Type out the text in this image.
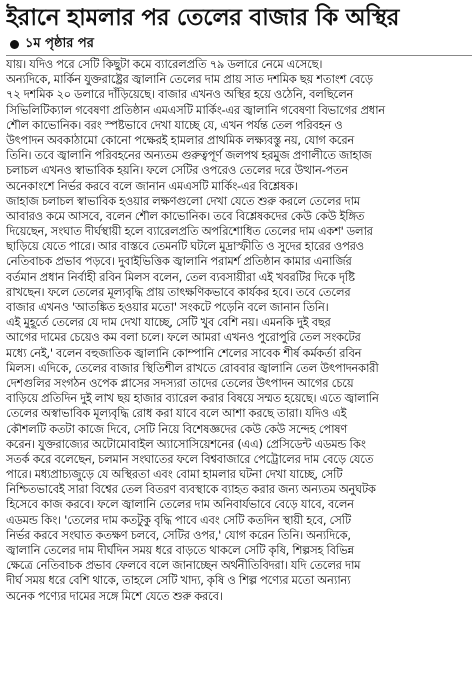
ইরানে হামলার পর তেলের বাজার কি অস্থির
১ম পৃষ্ঠার পর
যায়। যদিও পরে সেটি কিছুটা কমে ব্যারেলপ্রতি ৭৯ ডলারে নেমে এসেছে।
অন্যদিকে, মার্কিন যুক্তরাষ্ট্রের জ্বালানি তেলের দাম প্রায় সাত দশমিক ছয় শতাংশ বেড়ে
৭২ দশমিক ২০ ডলারে দাঁড়িয়েছে। বাজার এখনও অস্থির হয়ে ওঠেনি, বলছিলেন
সিভিলিটিক্যাল গবেষণা প্রতিষ্ঠান এমএসটি মার্কিং-এর জ্বালানি গবেষণা বিভাগের প্রধান
শৌল কাভোনিক। বরং স্পষ্টভাবে দেখা যাচ্ছে যে, এখন পর্যন্ত তেল পরিবহন ও
উৎপাদন অবকাঠামো কোনো পক্ষেরই হামলার প্রাথমিক লক্ষ্যবস্তু নয়, যোগ করেন
তিনি। তবে জ্বালানি পরিবহনের অন্যতম গুরুত্বপূর্ণ জলপথ হরমুজ প্রণালীতে জাহাজ
চলাচল এখনও স্বাভাবিক হয়নি। ফলে সেটির ওপরেও তেলের দরে উত্থান-পতন
অনেকাংশে নির্ভর করবে বলে জানান এমএসটি মার্কিং-এর বিশ্লেষক।
জাহাজ চলাচল স্বাভাবিক হওয়ার লক্ষণগুলো দেখা যেতে শুরু করলে তেলের দাম
আবারও কমে আসবে, বলেন শৌল কাভোনিক। তবে বিশ্লেষকদের কেউ কেউ ইঙ্গিত
দিয়েছেন, সংঘাত দীর্ঘস্থায়ী হলে ব্যারেলপ্রতি অপরিশোধিত তেলের দাম একশ' ডলার
ছাড়িয়ে যেতে পারে। আর বাস্তবে তেমনটি ঘটলে মুদ্রাস্ফীতি ও সুদের হারের ওপরও
নেতিবাচক প্রভাব পড়বে। দুবাইভিত্তিক জ্বালানি পরামর্শ প্রতিষ্ঠান কামার এনার্জির
বর্তমান প্রধান নির্বাহী রবিন মিলস বলেন, তেল ব্যবসায়ীরা এই খবরটির দিকে দৃষ্টি
রাখছেন। ফলে তেলের মূল্যবৃদ্ধি প্রায় তাৎক্ষণিকভাবে কার্যকর হবে। তবে তেলের
বাজার এখনও 'আতঙ্কিত হওয়ার মতো' সংকটে পড়েনি বলে জানান তিনি।
এই মুহূর্তে তেলের যে দাম দেখা যাচ্ছে, সেটি খুব বেশি নয়। এমনকি দুই বছর
আগের দামের চেয়েও কম বলা চলে। ফলে আমরা এখনও পুরোপুরি তেল সংকটের
মধ্যে নেই,' বলেন বহুজাতিক জ্বালানি কোম্পানি শেলের সাবেক শীর্ষ কর্মকর্তা রবিন
মিলস। এদিকে, তেলের বাজার স্থিতিশীল রাখতে রোববার জ্বালানি তেল উৎপাদনকারী
দেশগুলির সংগঠন ওপেক প্লাসের সদস্যরা তাদের তেলের উৎপাদন আগের চেয়ে
বাড়িয়ে প্রতিদিন দুই লাখ ছয় হাজার ব্যারেল করার বিষয়ে সম্মত হয়েছে। এতে জ্বালানি
তেলের অস্বাভাবিক মূল্যবৃদ্ধি রোধ করা যাবে বলে আশা করছে তারা। যদিও এই
কৌশলটি কতটা কাজে দিবে, সেটি নিয়ে বিশেষজ্ঞদের কেউ কেউ সন্দেহ পোষণ
করেন। যুক্তরাজ্যের অটোমোবাইল অ্যাসোসিয়েশনের (এএ) প্রেসিডেন্ট এডমন্ড কিং
সতর্ক করে বলেছেন, চলমান সংঘাতের ফলে বিশ্ববাজারে পেট্রোলের দাম বেড়ে যেতে
পারে। মধ্যপ্রাচ্যজুড়ে যে অস্থিরতা এবং বোমা হামলার ঘটনা দেখা যাচ্ছে, সেটি
নিশ্চিতভাবেই সারা বিশ্বের তেল বিতরণ ব্যবস্থাকে ব্যাহত করার জন্য অন্যতম অনুঘটক
হিসেবে কাজ করবে। ফলে জ্বালানি তেলের দাম অনিবার্যভাবে বেড়ে যাবে, বলেন
এডমন্ড কিং। 'তেলের দাম কতটুকু বৃদ্ধি পাবে এবং সেটি কতদিন স্থায়ী হবে, সেটি
নির্ভর করবে সংঘাত কতক্ষণ চলবে, সেটির ওপর,' যোগ করেন তিনি। অন্যদিকে,
জ্বালানি তেলের দাম দীর্ঘদিন সময় ধরে বাড়তে থাকলে সেটি কৃষি, শিল্পসহ বিভিন্ন
ক্ষেত্রে নেতিবাচক প্রভাব ফেলবে বলে জানাচ্ছেন অর্থনীতিবিদরা। যদি তেলের দাম
দীর্ঘ সময় ধরে বেশি থাকে, তাহলে সেটি খাদ্য, কৃষি ও শিল্প পণ্যের মতো অন্যান্য
অনেক পণ্যের দামের সঙ্গে মিশে যেতে শুরু করবে।
